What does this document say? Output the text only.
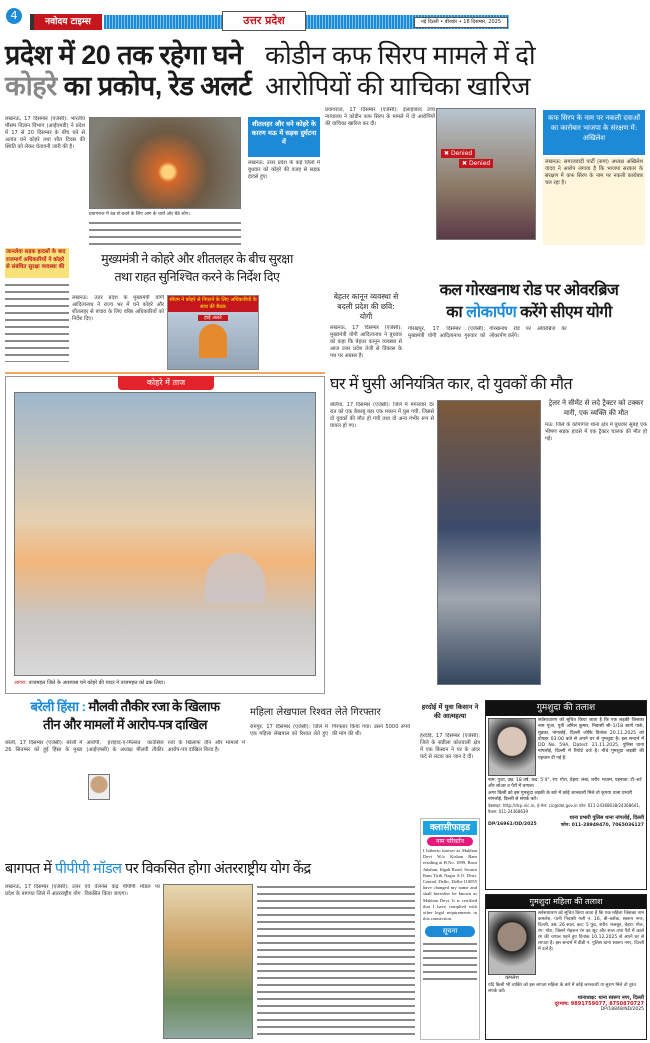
4	नवोदय टाइम्स	उत्तर प्रदेश	नई दिल्ली • बीरबार • 18 दिसम्बर, 2025
प्रदेश में 20 तक रहेगा घने
कोहरे का प्रकोप, रेड अलर्ट
लखनऊ, 17 दिसम्बर (एजेंसी): भारतीय मौसम विज्ञान विभाग (आईएमडी) ने प्रदेश में 17 से 20 दिसम्बर के बीच घने से अत्यंत घने कोहरे तथा शीत दिवस की स्थिति को लेकर चेतावनी जारी की है।
प्रयागराज में ठंड से बचने के लिए आग के चारों ओर बैठे लोग।
शीतलहर और घने कोहरे के कारण मऊ में सड़क दुर्घटना में
लखनऊ: उत्तर प्रदेश के कई जिलों में बुधवार को कोहरे की वजह से सड़क हादसे हुए।
कोडीन कफ सिरप मामले में दो
आरोपियों की याचिका खारिज
प्रयागराज, 17 दिसम्बर (एजेंसी): इलाहाबाद उच्च न्यायालय ने कोडीन कफ सिरप के मामले में दो आरोपियों की याचिका खारिज कर दी।
✖ Denied
✖ Denied
कफ सिरप के नाम पर नकली दवाओं का कारोबार भाजपा के संरक्षण में: अखिलेश
लखनऊ: समाजवादी पार्टी (सपा) अध्यक्ष अखिलेश यादव ने आरोप लगाया है कि भाजपा सरकार के संरक्षण में कफ सिरप के नाम पर नकली कारोबार चल रहा है।
जानलेवा सड़क हादसों के बाद राजमार्ग अधिकारियों ने कोहरे से संबंधित सुरक्षा व्यवस्था की
मुख्यमंत्री ने कोहरे और शीतलहर के बीच सुरक्षा
तथा राहत सुनिश्चित करने के निर्देश दिए
लखनऊ: उत्तर प्रदेश के मुख्यमंत्री योगी आदित्यनाथ ने राज्य भर में घने कोहरे और शीतलहर से बचाव के लिए वरिष्ठ अधिकारियों को निर्देश दिए।
सीएम ने कोहरे से निपटने के लिए अधिकारियों के साथ की बैठक
हाई अलर्ट
बेहतर कानून व्यवस्था से बदली प्रदेश की छवि: योगी
लखनऊ, 17 दिसम्बर (एजेंसी): मुख्यमंत्री योगी आदित्यनाथ ने बुधवार को कहा कि बेहतर कानून व्यवस्था से आज उत्तर प्रदेश तेजी से विकास के पथ पर अग्रसर है।
कल गोरखनाथ रोड पर ओवरब्रिज
का लोकार्पण करेंगे सीएम योगी
गोरखपुर, 17 दिसम्बर (एजेंसी): मुख्यमंत्री योगी आदित्यनाथ गुरुवार को गोरखनाथ रोड पर ओवरब्रिज का लोकार्पण करेंगे।
कोहरे में ताज
आगरा: ताजमहल जिले के आसपास घने कोहरे की चादर ने ताजमहल को ढक लिया।
घर में घुसी अनियंत्रित कार, दो युवकों की मौत
बलिया, 17 दिसम्बर (एजेंसी): जिले में मंगलवार देर रात को एक बेकाबू कार एक मकान में घुस गयी, जिससे दो युवकों की मौत हो गयी तथा दो अन्य गंभीर रूप से घायल हो गए।
ट्रेलर ने सीमेंट से लदे ट्रैक्टर को टक्कर मारी, एक व्यक्ति की मौत
मऊ: जिले के कोपागंज थाना क्षेत्र में बुधवार सुबह एक भीषण सड़क हादसे में एक ट्रैक्टर चालक की मौत हो गई।
बरेली हिंसा : मौलवी तौकीर रजा के खिलाफ
तीन और मामलों में आरोप-पत्र दाखिल
बरेली, 17 दिसम्बर (एजेंसी): बरेली में 26 सितम्बर को हुई हिंसा के मुख्य आरोपी, इत्तेहाद-ए-मिल्लत काउंसिल (आईएमसी) के अध्यक्ष मौलवी तौकीर रजा के खिलाफ तीन और मामलों में आरोप-पत्र दाखिल किया है।
महिला लेखपाल रिश्वत लेते गिरफ्तार
रामपुर, 17 दिसम्बर (एजेंसी): जिले में एक महिला लेखपाल को रिश्वत लेते हुए गिरफ्तार किया गया। उसने 5000 रुपये की मांग की थी।
हरदोई में युवा किसान ने की आत्महत्या
हरदोई, 17 दिसम्बर (एजेंसी): जिले के संडीला कोतवाली क्षेत्र में एक किसान ने घर के अंदर फंदे से लटक कर जान दे दी।
क्लासीफाइड
नाम परिवर्तन
I hitherto known as Makhan Devi W/o Kishan Ram residing at H.No. 1899, Basti Julahan, Idgah Road, Swami Ram Tirth Nagar S.O. Distt. Central Delhi, Delhi-110055 have changed my name and shall hereafter be known as Makhan Devi. It is certified that I have complied with other legal requirements in this connection.
सूचना
गुमशुदा की तलाश
सर्वसाधारण को सूचित किया जाता है कि एक लड़की जिसका नाम पूजा, पुत्री अनिल कुमार, निवासी सी–1/18 स्वर्ण पार्क, मुंडका, नांगलोई, दिल्ली जोकि दिनांक 20.11.2025 को दोपहर 03:00 बजे से अपने घर से गुमशुदा है। इस सन्दर्भ में DD No. 59A, Dated: 21.11.2025, पुलिस थाना नांगलोई, दिल्ली में रिपोर्ट दर्ज है। नीचे गुमशुदा लड़की की पहचान दी गई है:
नाम: पूजा, उम्र: 18 वर्ष, कद: 5'4", रंग: गोरा, चेहरा: लंबा, शरीर: मध्यम, पहनावा: टी–शर्ट और लोअर व पैरों में चप्पल।
अगर किसी को इस गुमशुदा लड़की के बारे में कोई जानकारी मिले तो कृपया थाना प्रभारी नांगलोई, दिल्ली से संपर्क करें।
वेबसाइट: http://dcp.nic.in, ई–मेल: cic@del.gov.in फोन: 011-24368638/24368641, फैक्स: 011-24368639
थाना प्रभारी पुलिस थाना नांगलोई, दिल्ली
DP/16961/OD/2025	फोन: 011-28949470, 7065036127
बागपत में पीपीपी मॉडल पर विकसित होगा अंतरराष्ट्रीय योग केंद्र
लखनऊ, 17 दिसम्बर (एजेंसी): उत्तर प्रदेश के बागपत जिले में अंतरराष्ट्रीय योग एवं वेलनेस केंद्र पीपीपी मॉडल पर विकसित किया जाएगा।
गुमशुदा महिला की तलाश
कमलेश
सर्वसाधारण को सूचित किया जाता है कि एक महिला जिसका नाम कमलेश, पत्नी निवासी गली नं. 16, बी–ब्लॉक, स्वरूप नगर, दिल्ली, उम्र: 26 साल, कद: 5 फुट, शरीर: मजबूत, चेहरा: गोल, रंग: गोरा, जिसने मेहरून रंग का सूट और शाल तथा पैरों में काले रंग की चप्पल पहने हुए दिनांक 10.12.2025 से अपने घर से लापता है। इस सन्दर्भ में डीडी नं. पुलिस थाना स्वरूप नगर, दिल्ली में दर्ज है।
यदि किसी भी व्यक्ति को इस लापता महिला के बारे में कोई जानकारी या सुराग मिले तो तुरंत संपर्क करें।
थानाध्यक्ष: थाना स्वरूप नगर, दिल्ली
दूरभाष: 9891759077, 8750870727
DP/18848/ND/2025
